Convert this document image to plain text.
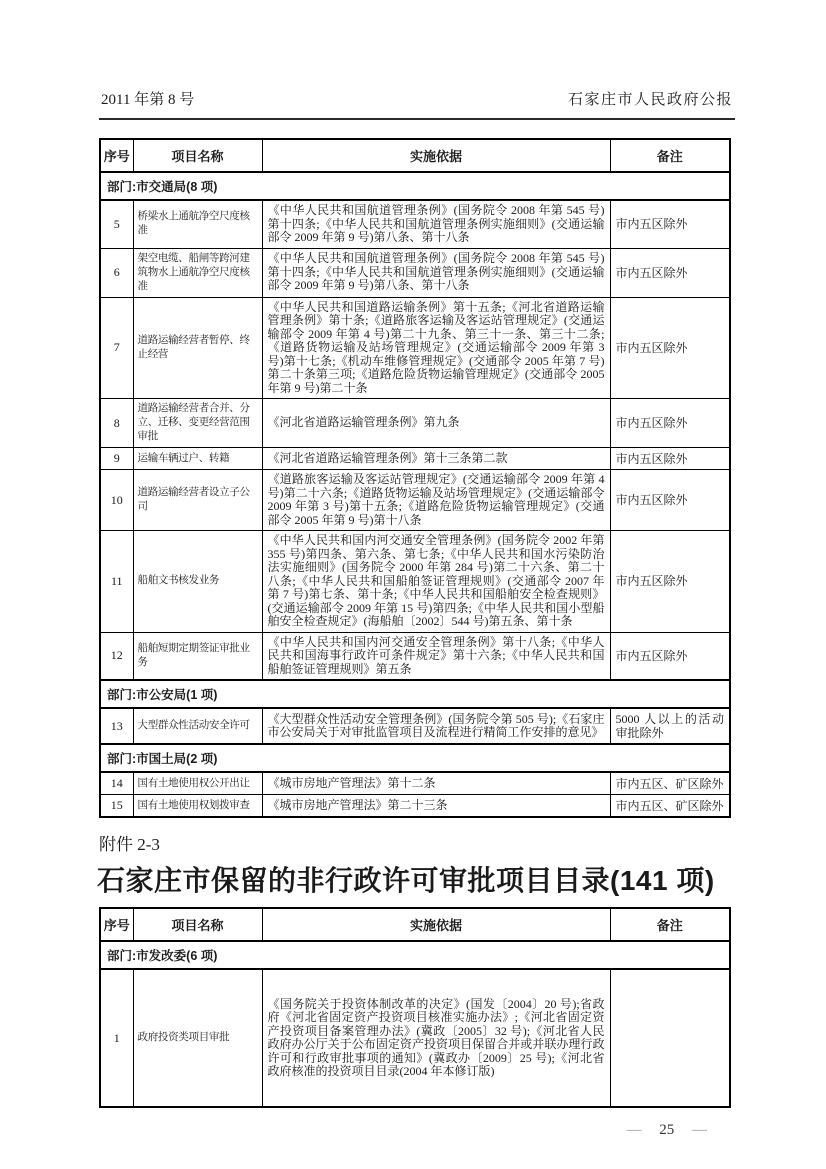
2011 年第 8 号	石家庄市人民政府公报
序号	项目名称	实施依据	备注
部门:市交通局(8 项)			
5	桥梁水上通航净空尺度核准	《中华人民共和国航道管理条例》(国务院令 2008 年第 545 号)第十四条;《中华人民共和国航道管理条例实施细则》(交通运输部令 2009 年第 9 号)第八条、第十八条	市内五区除外
6	架空电缆、船闸等跨河建筑物水上通航净空尺度核准	《中华人民共和国航道管理条例》(国务院令 2008 年第 545 号)第十四条;《中华人民共和国航道管理条例实施细则》(交通运输部令 2009 年第 9 号)第八条、第十八条	市内五区除外
7	道路运输经营者暂停、终止经营	《中华人民共和国道路运输条例》第十五条;《河北省道路运输管理条例》第十条;《道路旅客运输及客运站管理规定》(交通运输部令 2009 年第 4 号)第二十九条、第三十一条、第三十二条;《道路货物运输及站场管理规定》(交通运输部令 2009 年第 3 号)第十七条;《机动车维修管理规定》(交通部令 2005 年第 7 号)第二十条第三项;《道路危险货物运输管理规定》(交通部令 2005 年第 9 号)第二十条	市内五区除外
8	道路运输经营者合并、分立、迁移、变更经营范围审批	《河北省道路运输管理条例》第九条	市内五区除外
9	运输车辆过户、转籍	《河北省道路运输管理条例》第十三条第二款	市内五区除外
10	道路运输经营者设立子公司	《道路旅客运输及客运站管理规定》(交通运输部令 2009 年第 4 号)第二十六条;《道路货物运输及站场管理规定》(交通运输部令 2009 年第 3 号)第十五条;《道路危险货物运输管理规定》(交通部令 2005 年第 9 号)第十八条	市内五区除外
11	船舶文书核发业务	《中华人民共和国内河交通安全管理条例》(国务院令 2002 年第 355 号)第四条、第六条、第七条;《中华人民共和国水污染防治法实施细则》(国务院令 2000 年第 284 号)第二十六条、第二十八条;《中华人民共和国船舶签证管理规则》(交通部令 2007 年第 7 号)第七条、第十条;《中华人民共和国船舶安全检查规则》(交通运输部令 2009 年第 15 号)第四条;《中华人民共和国小型船舶安全检查规定》(海船舶〔2002〕544 号)第五条、第十条	市内五区除外
12	船舶短期定期签证审批业务	《中华人民共和国内河交通安全管理条例》第十八条;《中华人民共和国海事行政许可条件规定》第十六条;《中华人民共和国船舶签证管理规则》第五条	市内五区除外
部门:市公安局(1 项)			
13	大型群众性活动安全许可	《大型群众性活动安全管理条例》(国务院令第 505 号);《石家庄市公安局关于对审批监管项目及流程进行精简工作安排的意见》	5000 人以上的活动审批除外
部门:市国土局(2 项)			
14	国有土地使用权公开出让	《城市房地产管理法》第十二条	市内五区、矿区除外
15	国有土地使用权划拨审查	《城市房地产管理法》第二十三条	市内五区、矿区除外
附件 2-3
石家庄市保留的非行政许可审批项目目录(141 项)
序号	项目名称	实施依据	备注
部门:市发改委(6 项)			
1	政府投资类项目审批	《国务院关于投资体制改革的决定》(国发〔2004〕20 号);省政府《河北省固定资产投资项目核准实施办法》;《河北省固定资产投资项目备案管理办法》(冀政〔2005〕32 号);《河北省人民政府办公厅关于公布固定资产投资项目保留合并或并联办理行政许可和行政审批事项的通知》(冀政办〔2009〕25 号);《河北省政府核准的投资项目目录(2004 年本修订版)	
— 25 —
